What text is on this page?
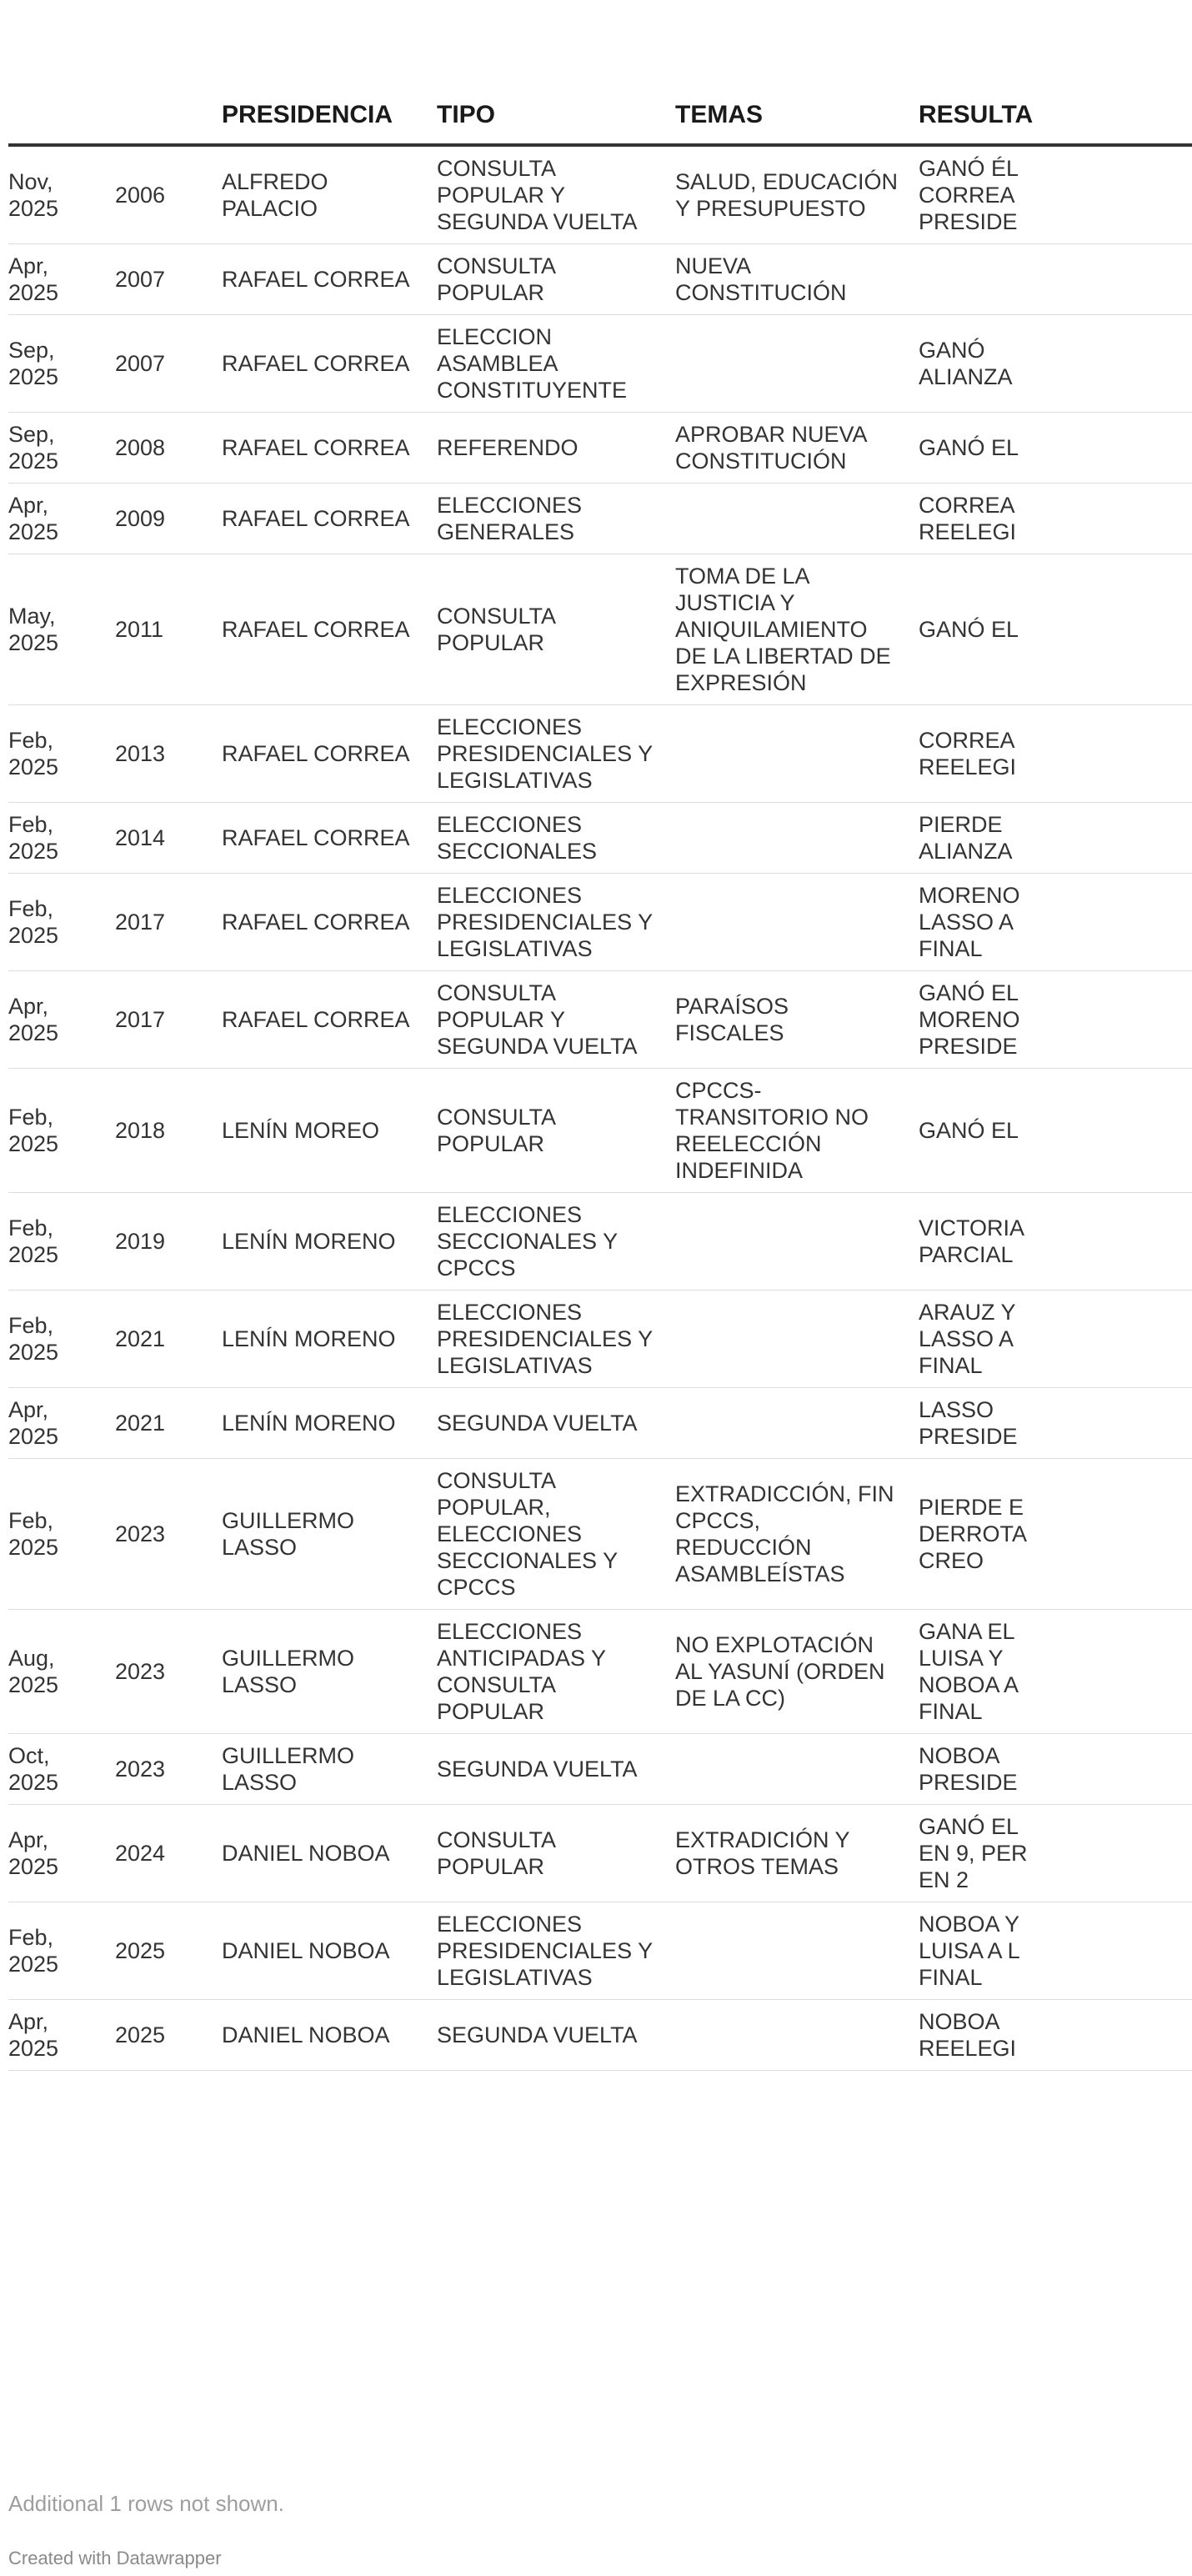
		PRESIDENCIA	TIPO	TEMAS	RESULTA

Nov, 2025	2006	ALFREDO PALACIO	CONSULTA POPULAR Y SEGUNDA VUELTA	SALUD, EDUCACIÓN Y PRESUPUESTO	GANÓ ÉL
CORREA
PRESIDE

Apr, 2025	2007	RAFAEL CORREA	CONSULTA POPULAR	NUEVA CONSTITUCIÓN	

Sep, 2025	2007	RAFAEL CORREA	ELECCION ASAMBLEA CONSTITUYENTE		GANÓ
ALIANZA

Sep, 2025	2008	RAFAEL CORREA	REFERENDO	APROBAR NUEVA CONSTITUCIÓN	GANÓ EL

Apr, 2025	2009	RAFAEL CORREA	ELECCIONES GENERALES		CORREA
REELEGI

May, 2025	2011	RAFAEL CORREA	CONSULTA POPULAR	TOMA DE LA JUSTICIA Y ANIQUILAMIENTO DE LA LIBERTAD DE EXPRESIÓN	GANÓ EL

Feb, 2025	2013	RAFAEL CORREA	ELECCIONES PRESIDENCIALES Y LEGISLATIVAS		CORREA
REELEGI

Feb, 2025	2014	RAFAEL CORREA	ELECCIONES SECCIONALES		PIERDE
ALIANZA

Feb, 2025	2017	RAFAEL CORREA	ELECCIONES PRESIDENCIALES Y LEGISLATIVAS		MORENO
LASSO A
FINAL

Apr, 2025	2017	RAFAEL CORREA	CONSULTA POPULAR Y SEGUNDA VUELTA	PARAÍSOS FISCALES	GANÓ EL
MORENO
PRESIDE

Feb, 2025	2018	LENÍN MOREO	CONSULTA POPULAR	CPCCS-TRANSITORIO NO REELECCIÓN INDEFINIDA	GANÓ EL

Feb, 2025	2019	LENÍN MORENO	ELECCIONES SECCIONALES Y CPCCS		VICTORIA
PARCIAL

Feb, 2025	2021	LENÍN MORENO	ELECCIONES PRESIDENCIALES Y LEGISLATIVAS		ARAUZ Y
LASSO A
FINAL

Apr, 2025	2021	LENÍN MORENO	SEGUNDA VUELTA		LASSO
PRESIDE

Feb, 2025	2023	GUILLERMO LASSO	CONSULTA POPULAR, ELECCIONES SECCIONALES Y CPCCS	EXTRADICCIÓN, FIN CPCCS, REDUCCIÓN ASAMBLEÍSTAS	PIERDE E
DERROTA
CREO

Aug, 2025	2023	GUILLERMO LASSO	ELECCIONES ANTICIPADAS Y CONSULTA POPULAR	NO EXPLOTACIÓN AL YASUNÍ (ORDEN DE LA CC)	GANA EL
LUISA Y
NOBOA A
FINAL

Oct, 2025	2023	GUILLERMO LASSO	SEGUNDA VUELTA		NOBOA
PRESIDE

Apr, 2025	2024	DANIEL NOBOA	CONSULTA POPULAR	EXTRADICIÓN Y OTROS TEMAS	GANÓ EL
EN 9, PER
EN 2

Feb, 2025	2025	DANIEL NOBOA	ELECCIONES PRESIDENCIALES Y LEGISLATIVAS		NOBOA Y
LUISA A L
FINAL

Apr, 2025	2025	DANIEL NOBOA	SEGUNDA VUELTA		NOBOA
REELEGI
Additional 1 rows not shown.
Created with Datawrapper
